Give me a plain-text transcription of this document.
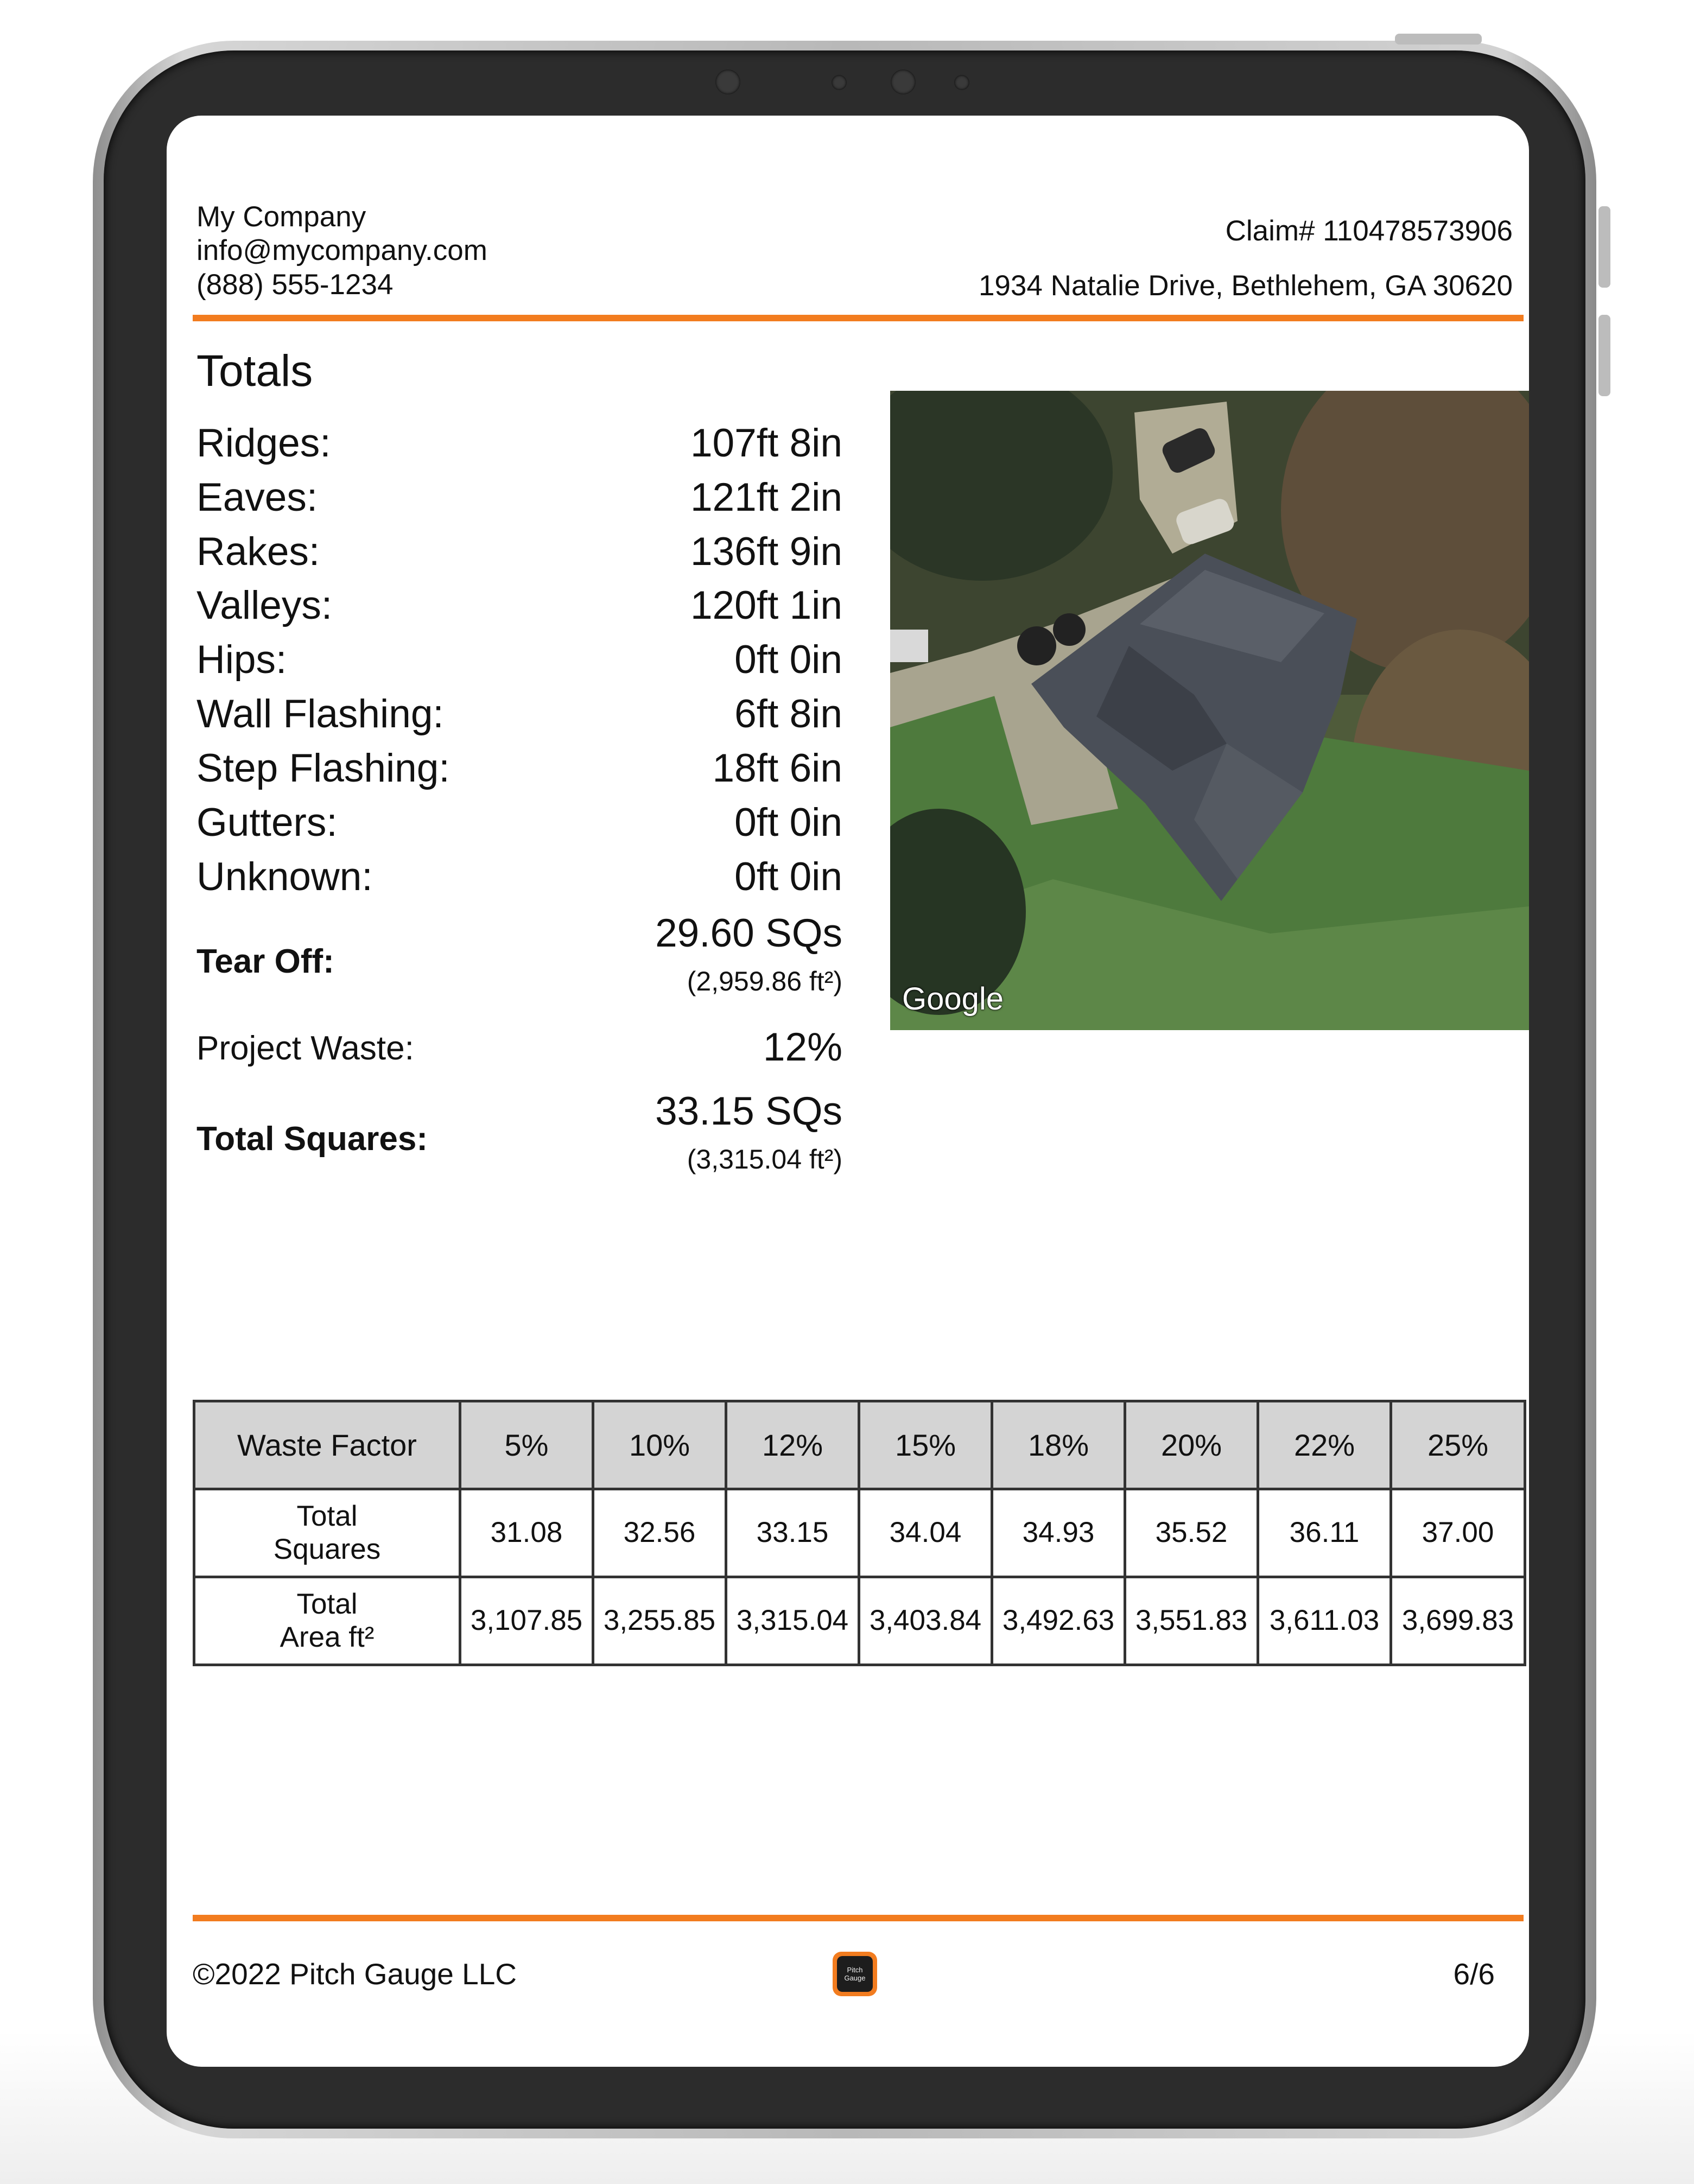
My Company
info@mycompany.com
(888) 555-1234
Claim# 110478573906
1934 Natalie Drive, Bethlehem, GA 30620
Totals
Ridges:	107ft 8in
Eaves:	121ft 2in
Rakes:	136ft 9in
Valleys:	120ft 1in
Hips:	0ft 0in
Wall Flashing:	6ft 8in
Step Flashing:	18ft 6in
Gutters:	0ft 0in
Unknown:	0ft 0in
Tear Off:
29.60 SQs
(2,959.86 ft²)
Project Waste:	12%
Total Squares:
33.15 SQs
(3,315.04 ft²)
Google
Waste Factor	5%	10%	12%	15%	18%	20%	22%	25%

Total
Squares	31.08	32.56	33.15	34.04	34.93	35.52	36.11	37.00

Total
Area ft²	3,107.85	3,255.85	3,315.04	3,403.84	3,492.63	3,551.83	3,611.03	3,699.83
©2022 Pitch Gauge LLC	Pitch Gauge	6/6
